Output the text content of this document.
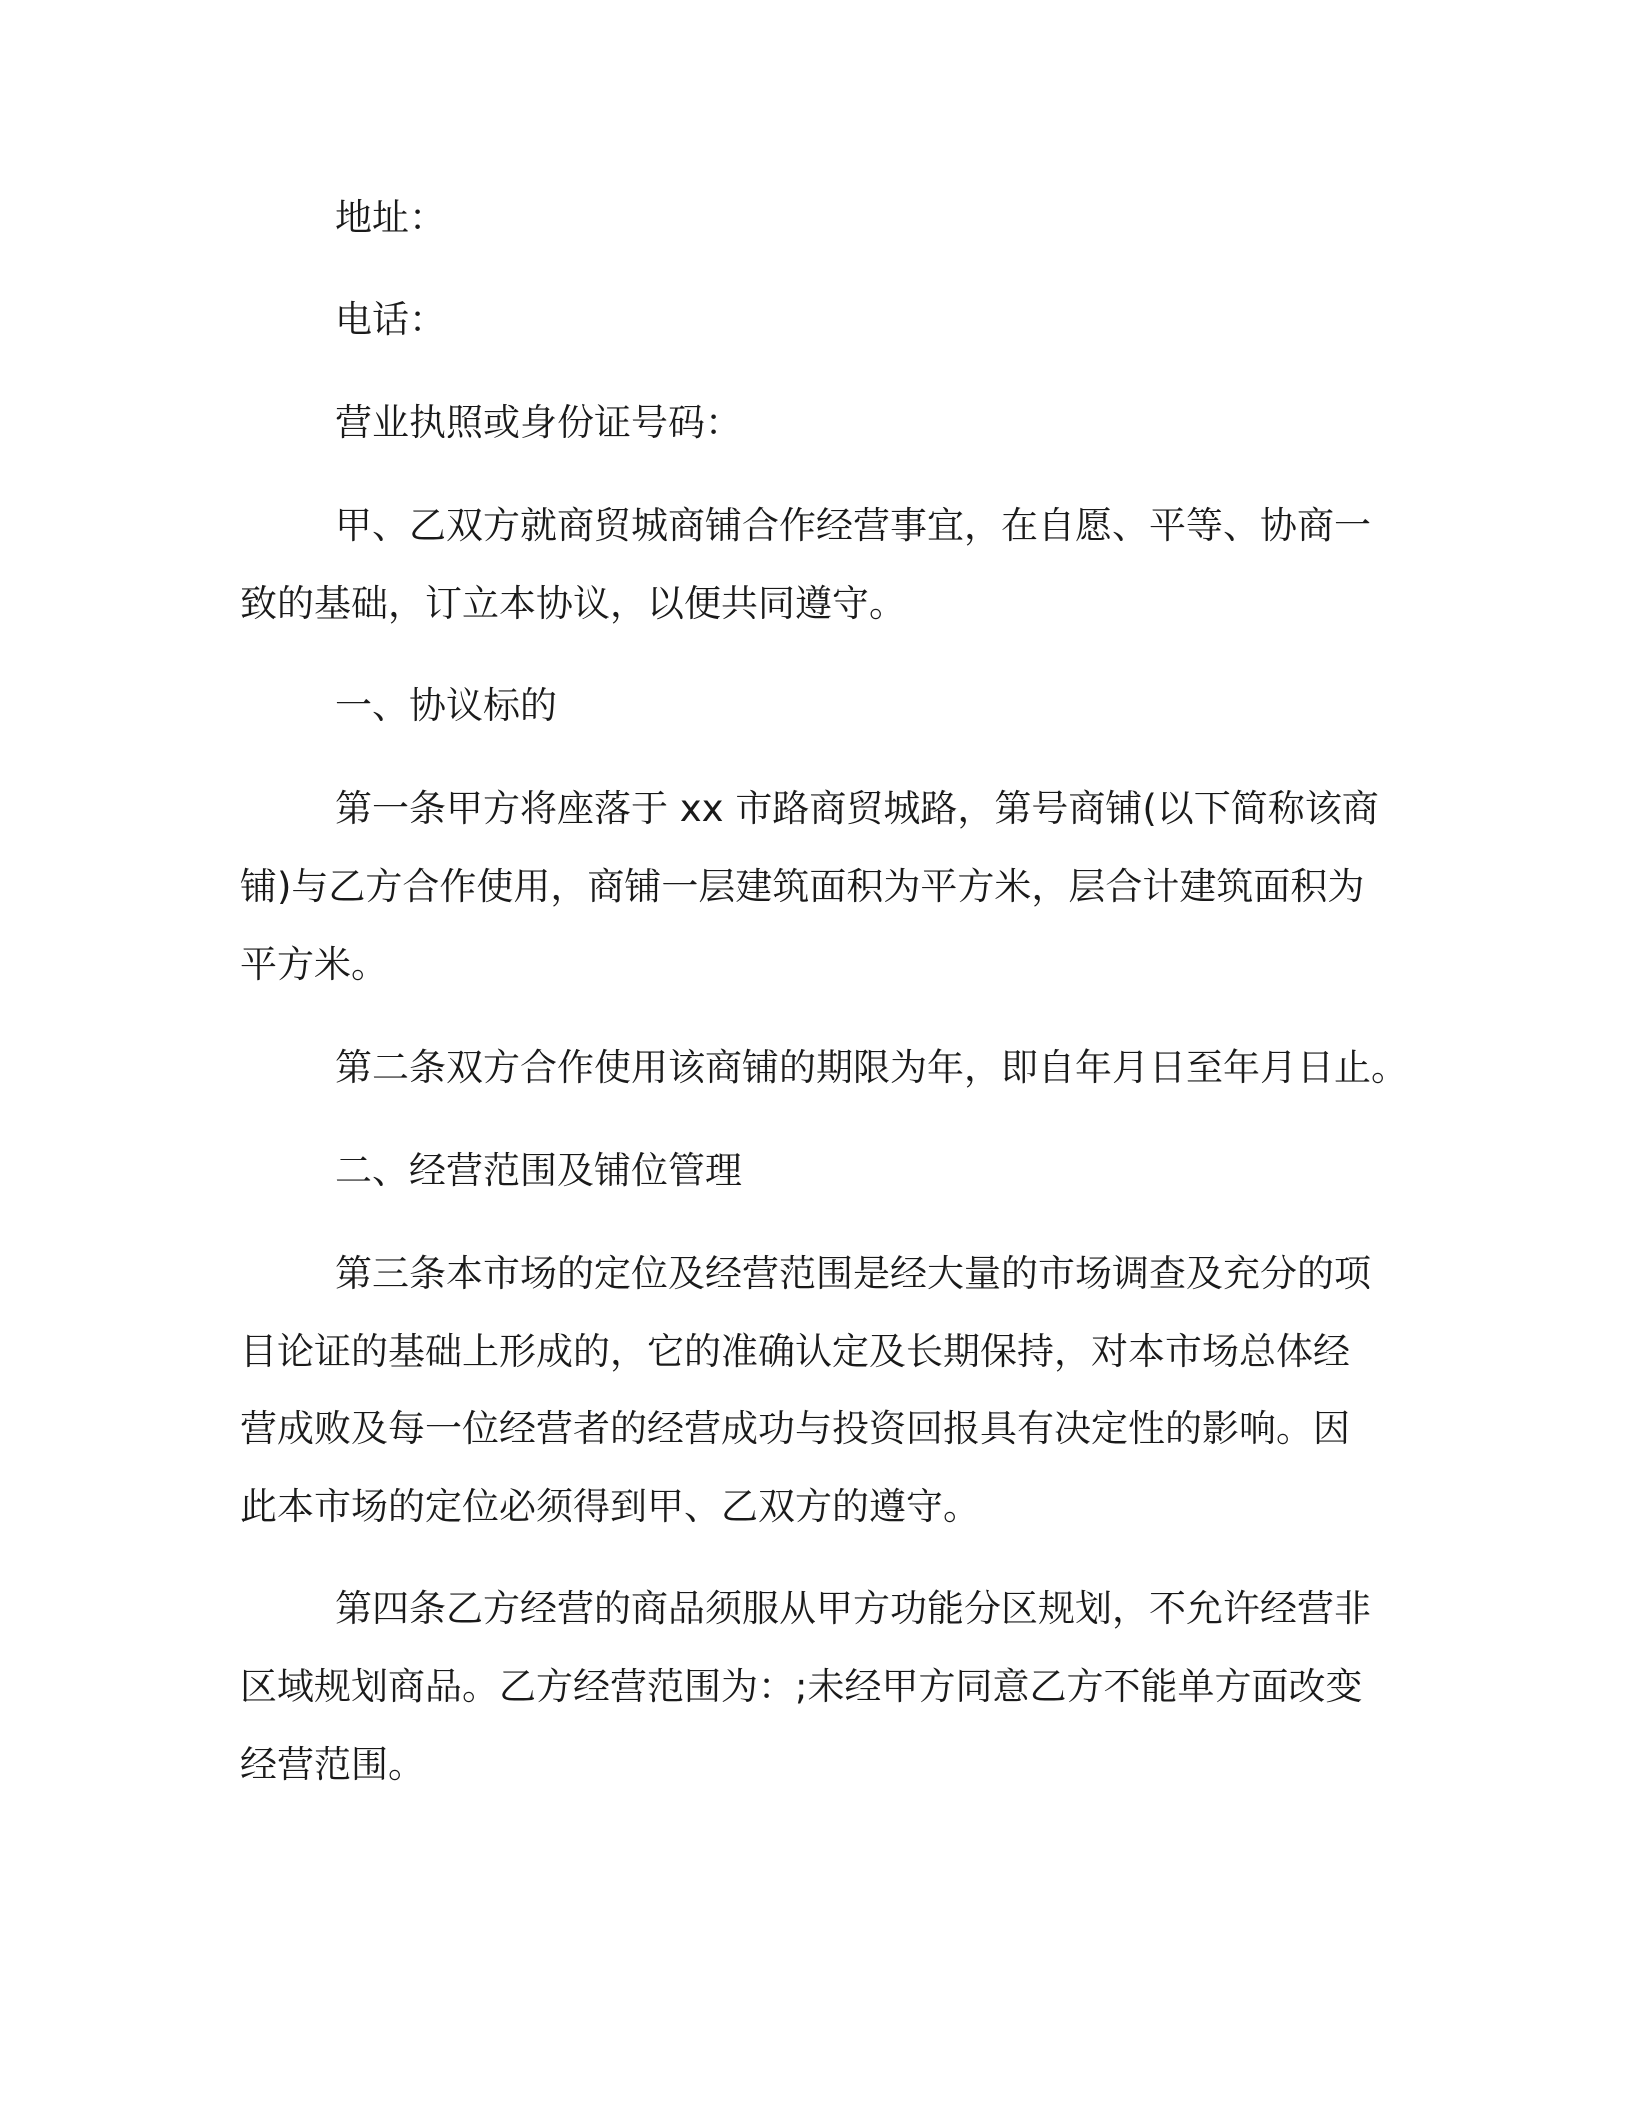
地址：
电话：
营业执照或身份证号码：
甲、乙双方就商贸城商铺合作经营事宜，在自愿、平等、协商一
致的基础，订立本协议，以便共同遵守。
一、协议标的
第一条甲方将座落于 xx 市路商贸城路，第号商铺(以下简称该商
铺)与乙方合作使用，商铺一层建筑面积为平方米，层合计建筑面积为
平方米。
第二条双方合作使用该商铺的期限为年，即自年月日至年月日止。
二、经营范围及铺位管理
第三条本市场的定位及经营范围是经大量的市场调查及充分的项
目论证的基础上形成的，它的准确认定及长期保持，对本市场总体经
营成败及每一位经营者的经营成功与投资回报具有决定性的影响。因
此本市场的定位必须得到甲、乙双方的遵守。
第四条乙方经营的商品须服从甲方功能分区规划，不允许经营非
区域规划商品。乙方经营范围为：;未经甲方同意乙方不能单方面改变
经营范围。
